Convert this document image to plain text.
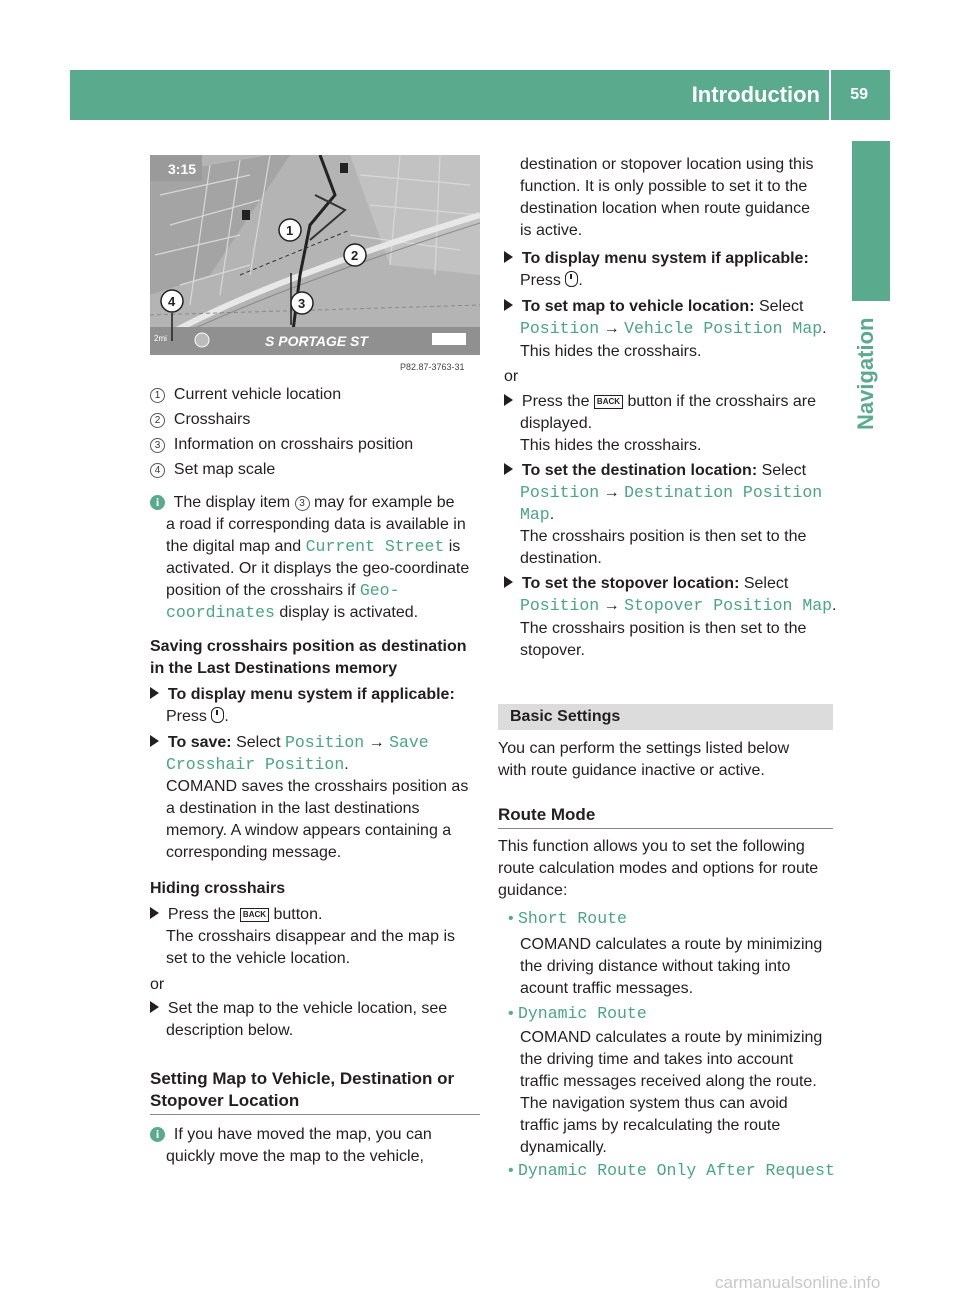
Introduction 59
Navigation
3:15
2mi	S PORTAGE ST
1
2
3
4
P82.87-3763-31
1 Current vehicle location
2 Crosshairs
3 Information on crosshairs position
4 Set map scale
i The display item 3 may for example be
a road if corresponding data is available in
the digital map and Current Street is
activated. Or it displays the geo-coordinate
position of the crosshairs if Geo-
coordinates display is activated.
Saving crosshairs position as destination
in the Last Destinations memory
To display menu system if applicable:
Press .
To save: Select Position → Save
Crosshair Position.
COMAND saves the crosshairs position as
a destination in the last destinations
memory. A window appears containing a
corresponding message.
Hiding crosshairs
Press the BACK button.
The crosshairs disappear and the map is
set to the vehicle location.
or
Set the map to the vehicle location, see
description below.
Setting Map to Vehicle, Destination or
Stopover Location
i If you have moved the map, you can
quickly move the map to the vehicle,
destination or stopover location using this
function. It is only possible to set it to the
destination location when route guidance
is active.
To display menu system if applicable:
Press .
To set map to vehicle location: Select
Position → Vehicle Position Map.
This hides the crosshairs.
or
Press the BACK button if the crosshairs are
displayed.
This hides the crosshairs.
To set the destination location: Select
Position → Destination Position
Map.
The crosshairs position is then set to the
destination.
To set the stopover location: Select
Position → Stopover Position Map.
The crosshairs position is then set to the
stopover.
Basic Settings
You can perform the settings listed below
with route guidance inactive or active.
Route Mode
This function allows you to set the following
route calculation modes and options for route
guidance:
• Short Route
COMAND calculates a route by minimizing
the driving distance without taking into
acount traffic messages.
• Dynamic Route
COMAND calculates a route by minimizing
the driving time and takes into account
traffic messages received along the route.
The navigation system thus can avoid
traffic jams by recalculating the route
dynamically.
• Dynamic Route Only After Request
carmanualsonline.info
